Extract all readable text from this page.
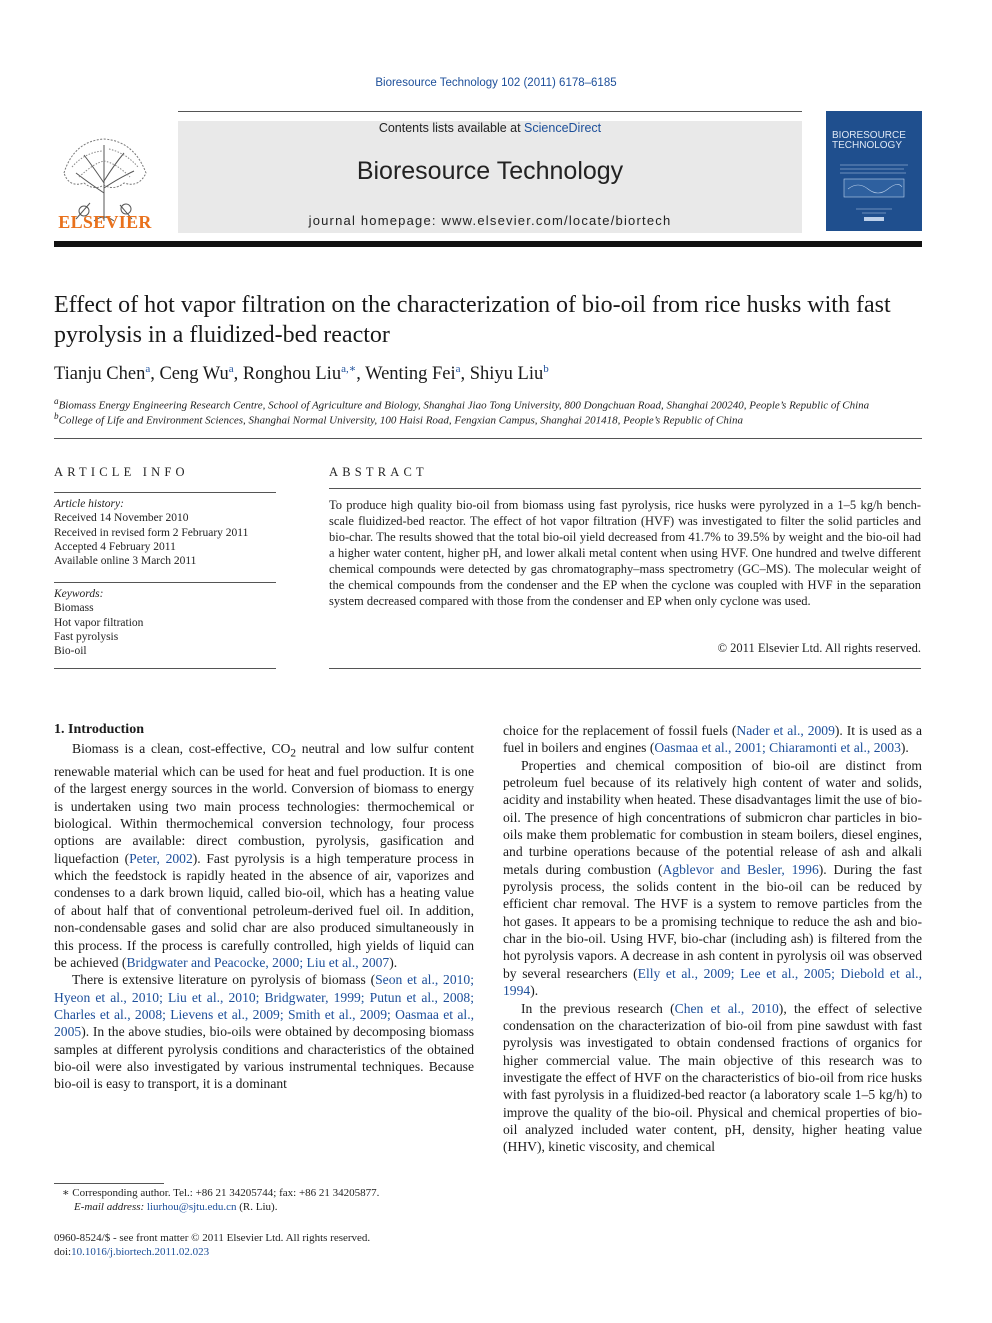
Bioresource Technology 102 (2011) 6178–6185
ELSEVIER
Contents lists available at ScienceDirect
Bioresource Technology
journal homepage: www.elsevier.com/locate/biortech
BIORESOURCE TECHNOLOGY
Effect of hot vapor filtration on the characterization of bio-oil from rice husks with fast pyrolysis in a fluidized-bed reactor
Tianju Chen$^a$, Ceng Wu$^a$, Ronghou Liu$^{a,∗}$, Wenting Fei$^a$, Shiyu Liu$^b$
$^a$Biomass Energy Engineering Research Centre, School of Agriculture and Biology, Shanghai Jiao Tong University, 800 Dongchuan Road, Shanghai 200240, People’s Republic of China
$^b$College of Life and Environment Sciences, Shanghai Normal University, 100 Haisi Road, Fengxian Campus, Shanghai 201418, People’s Republic of China
ARTICLE INFO
Article history:
Received 14 November 2010
Received in revised form 2 February 2011
Accepted 4 February 2011
Available online 3 March 2011
Keywords:
Biomass
Hot vapor filtration
Fast pyrolysis
Bio-oil
ABSTRACT
To produce high quality bio-oil from biomass using fast pyrolysis, rice husks were pyrolyzed in a 1–5 kg/h bench-scale fluidized-bed reactor. The effect of hot vapor filtration (HVF) was investigated to filter the solid particles and bio-char. The results showed that the total bio-oil yield decreased from 41.7% to 39.5% by weight and the bio-oil had a higher water content, higher pH, and lower alkali metal content when using HVF. One hundred and twelve different chemical compounds were detected by gas chromatography–mass spectrometry (GC–MS). The molecular weight of the chemical compounds from the condenser and the EP when the cyclone was coupled with HVF in the separation system decreased compared with those from the condenser and EP when only cyclone was used.
© 2011 Elsevier Ltd. All rights reserved.
1. Introduction

Biomass is a clean, cost-effective, $CO_2$ neutral and low sulfur content renewable material which can be used for heat and fuel production. It is one of the largest energy sources in the world. Conversion of biomass to energy is undertaken using two main process technologies: thermochemical or biological. Within thermochemical conversion technology, four process options are available: direct combustion, pyrolysis, gasification and liquefaction (Peter, 2002). Fast pyrolysis is a high temperature process in which the feedstock is rapidly heated in the absence of air, vaporizes and condenses to a dark brown liquid, called bio-oil, which has a heating value of about half that of conventional petroleum-derived fuel oil. In addition, non-condensable gases and solid char are also produced simultaneously in this process. If the process is carefully controlled, high yields of liquid can be achieved (Bridgwater and Peacocke, 2000; Liu et al., 2007).

There is extensive literature on pyrolysis of biomass (Seon et al., 2010; Hyeon et al., 2010; Liu et al., 2010; Bridgwater, 1999; Putun et al., 2008; Charles et al., 2008; Lievens et al., 2009; Smith et al., 2009; Oasmaa et al., 2005). In the above studies, bio-oils were obtained by decomposing biomass samples at different pyrolysis conditions and characteristics of the obtained bio-oil were also investigated by various instrumental techniques. Because bio-oil is easy to transport, it is a dominant

choice for the replacement of fossil fuels (Nader et al., 2009). It is used as a fuel in boilers and engines (Oasmaa et al., 2001; Chiaramonti et al., 2003).

Properties and chemical composition of bio-oil are distinct from petroleum fuel because of its relatively high content of water and solids, acidity and instability when heated. These disadvantages limit the use of bio-oil. The presence of high concentrations of submicron char particles in bio-oils make them problematic for combustion in steam boilers, diesel engines, and turbine operations because of the potential release of ash and alkali metals during combustion (Agblevor and Besler, 1996). During the fast pyrolysis process, the solids content in the bio-oil can be reduced by efficient char removal. The HVF is a system to remove particles from the hot gases. It appears to be a promising technique to reduce the ash and bio-char in the bio-oil. Using HVF, bio-char (including ash) is filtered from the hot pyrolysis vapors. A decrease in ash content in pyrolysis oil was observed by several researchers (Elly et al., 2009; Lee et al., 2005; Diebold et al., 1994).

In the previous research (Chen et al., 2010), the effect of selective condensation on the characterization of bio-oil from pine sawdust with fast pyrolysis was investigated to obtain condensed fractions of organics for higher commercial value. The main objective of this research was to investigate the effect of HVF on the characteristics of bio-oil from rice husks with fast pyrolysis in a fluidized-bed reactor (a laboratory scale 1–5 kg/h) to improve the quality of the bio-oil. Physical and chemical properties of bio-oil analyzed included water content, pH, density, higher heating value (HHV), kinetic viscosity, and chemical

∗ Corresponding author. Tel.: +86 21 34205744; fax: +86 21 34205877.
E-mail address: liurhou@sjtu.edu.cn (R. Liu).
0960-8524/$ - see front matter © 2011 Elsevier Ltd. All rights reserved.
doi:10.1016/j.biortech.2011.02.023
